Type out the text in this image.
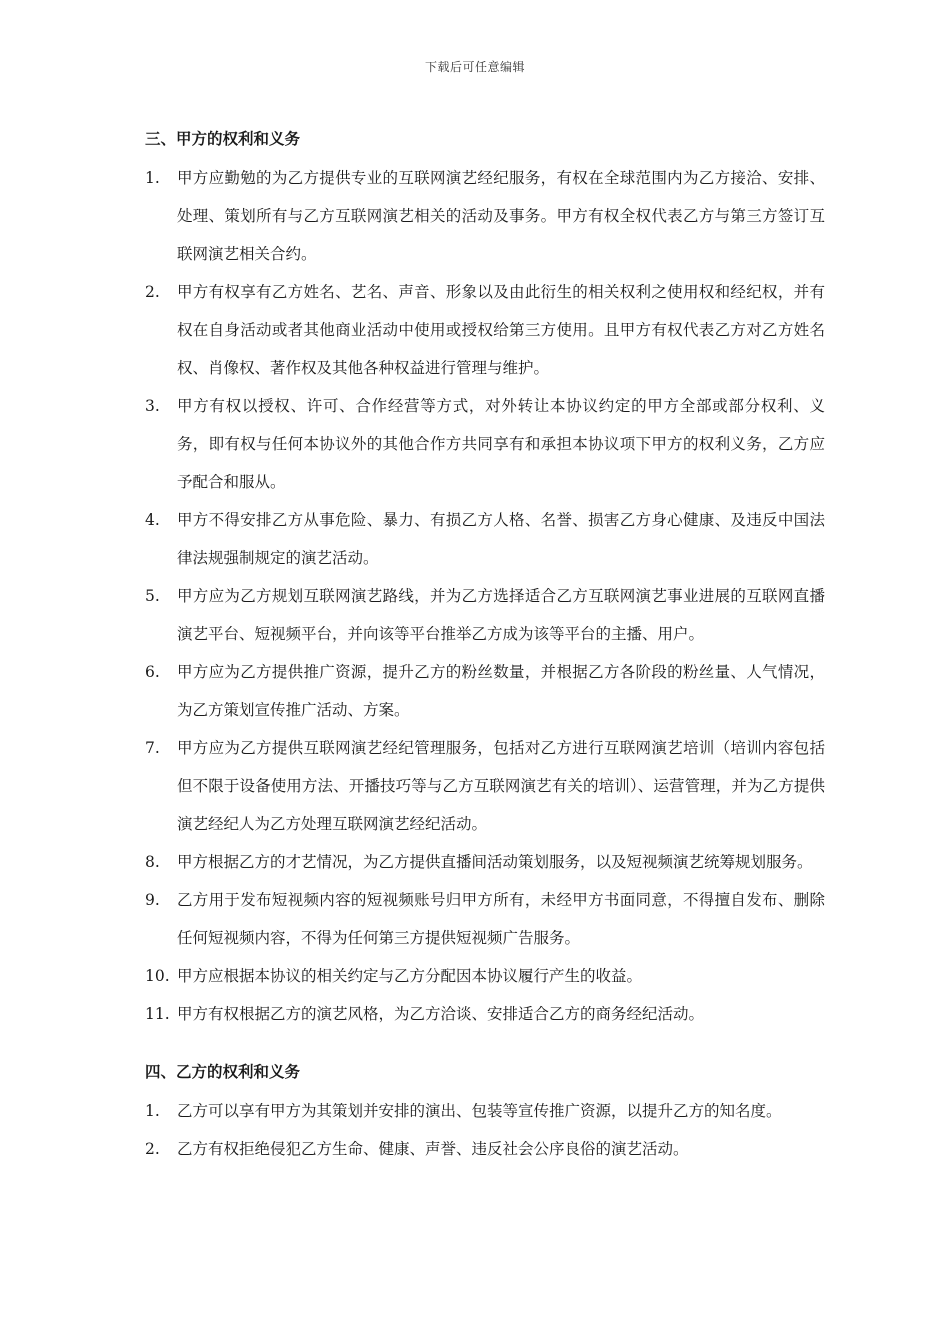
下载后可任意编辑
三、甲方的权利和义务
1.	甲方应勤勉的为乙方提供专业的互联网演艺经纪服务，有权在全球范围内为乙方接洽、安排、处理、策划所有与乙方互联网演艺相关的活动及事务。甲方有权全权代表乙方与第三方签订互联网演艺相关合约。
2.	甲方有权享有乙方姓名、艺名、声音、形象以及由此衍生的相关权利之使用权和经纪权，并有权在自身活动或者其他商业活动中使用或授权给第三方使用。且甲方有权代表乙方对乙方姓名权、肖像权、著作权及其他各种权益进行管理与维护。
3.	甲方有权以授权、许可、合作经营等方式，对外转让本协议约定的甲方全部或部分权利、义务，即有权与任何本协议外的其他合作方共同享有和承担本协议项下甲方的权利义务，乙方应予配合和服从。
4.	甲方不得安排乙方从事危险、暴力、有损乙方人格、名誉、损害乙方身心健康、及违反中国法律法规强制规定的演艺活动。
5.	甲方应为乙方规划互联网演艺路线，并为乙方选择适合乙方互联网演艺事业进展的互联网直播演艺平台、短视频平台，并向该等平台推举乙方成为该等平台的主播、用户。
6.	甲方应为乙方提供推广资源，提升乙方的粉丝数量，并根据乙方各阶段的粉丝量、人气情况，为乙方策划宣传推广活动、方案。
7.	甲方应为乙方提供互联网演艺经纪管理服务，包括对乙方进行互联网演艺培训（培训内容包括但不限于设备使用方法、开播技巧等与乙方互联网演艺有关的培训）、运营管理，并为乙方提供演艺经纪人为乙方处理互联网演艺经纪活动。
8.	甲方根据乙方的才艺情况，为乙方提供直播间活动策划服务，以及短视频演艺统筹规划服务。
9.	乙方用于发布短视频内容的短视频账号归甲方所有，未经甲方书面同意，不得擅自发布、删除任何短视频内容，不得为任何第三方提供短视频广告服务。
10. 甲方应根据本协议的相关约定与乙方分配因本协议履行产生的收益。
11. 甲方有权根据乙方的演艺风格，为乙方洽谈、安排适合乙方的商务经纪活动。
四、乙方的权利和义务
1.	乙方可以享有甲方为其策划并安排的演出、包装等宣传推广资源，以提升乙方的知名度。
2.	乙方有权拒绝侵犯乙方生命、健康、声誉、违反社会公序良俗的演艺活动。
